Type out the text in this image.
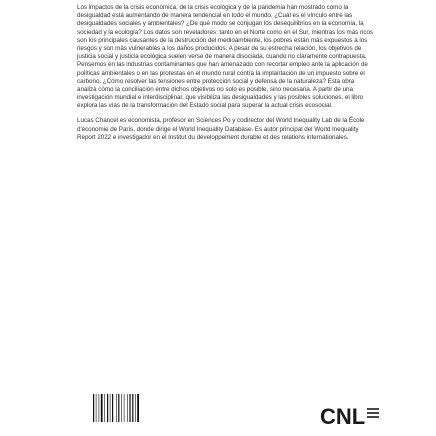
Los impactos de la crisis económica, de la crisis ecológica y de la pandemia han mostrado como la desigualdad está aumentando de manera tendencial en todo el mundo. ¿Cuál es el vínculo entre las desigualdades sociales y ambientales? ¿De qué modo se conjugan los desequilibrios en la economía, la sociedad y la ecología? Los datos son reveladores: tanto en el Norte como en el Sur, mientras los más ricos son los principales causantes de la destrucción del medioambiente, los pobres están más expuestos a los riesgos y son más vulnerables a los daños producidos. A pesar de su estrecha relación, los objetivos de justicia social y justicia ecológica suelen verse de manera disociada, cuando no claramente contrapuesta. Pensemos en las industrias contaminantes que han amenazado con recortar empleo ante la aplicación de políticas ambientales o en las protestas en el mundo rural contra la implantación de un impuesto sobre el carbono. ¿Cómo resolver las tensiones entre protección social y defensa de la naturaleza? Esta obra analiza cómo la conciliación entre dichos objetivos no solo es posible, sino necesaria. A partir de una investigación mundial e interdisciplinar, que visibiliza las desigualdades y las posibles soluciones, el libro explora las vías de la transformación del Estado social para superar la actual crisis ecosocial.

Lucas Chancel es economista, profesor en Sciences Po y codirector del World Inequality Lab de la École d'économie de París, donde dirige el World Inequality Database. Es autor principal del World Inequality Report 2022 e investigador en el Institut du développement durable et des relations internationales.

CNL
